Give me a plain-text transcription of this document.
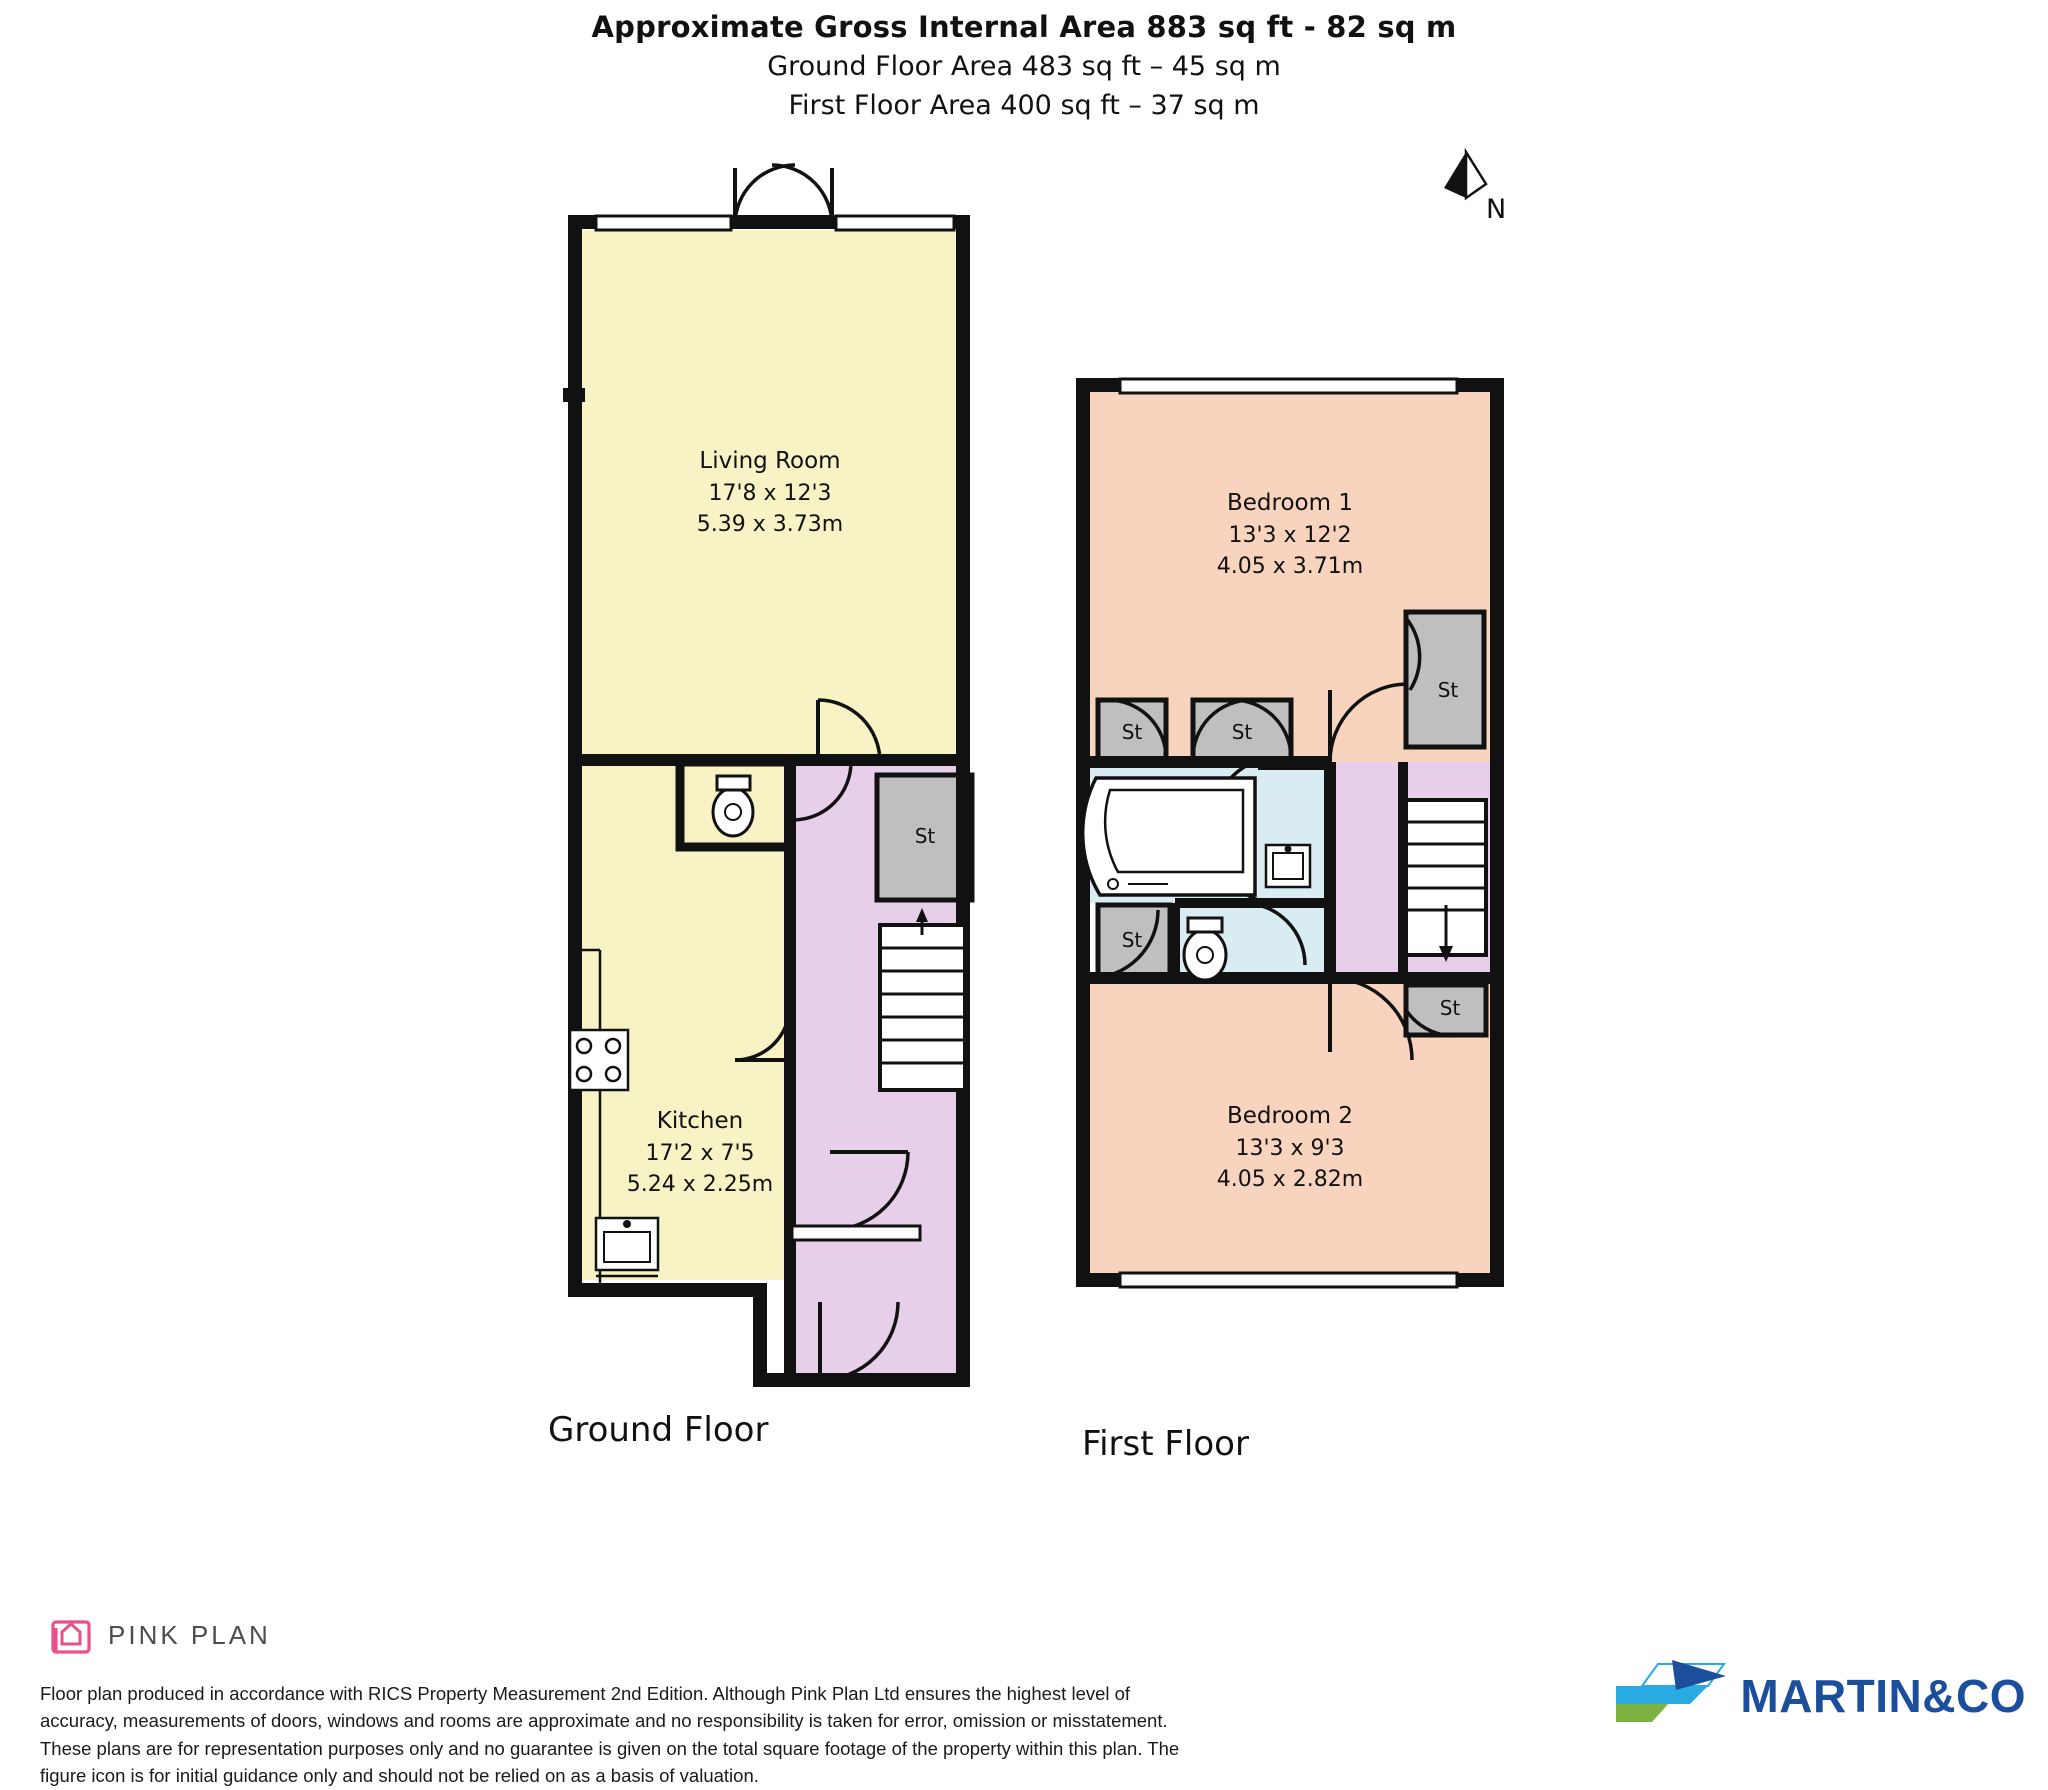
Approximate Gross Internal Area 883 sq ft - 82 sq m
Ground Floor Area 483 sq ft – 45 sq m
First Floor Area 400 sq ft – 37 sq m
N
Living Room
17'8 x 12'3
5.39 x 3.73m
Kitchen
17'2 x 7'5
5.24 x 2.25m
Bedroom 1
13'3 x 12'2
4.05 x 3.71m
Bedroom 2
13'3 x 9'3
4.05 x 2.82m
St
St	St
St
St
St
Ground Floor	First Floor
PINK PLAN
Floor plan produced in accordance with RICS Property Measurement 2nd Edition. Although Pink Plan Ltd ensures the highest level of accuracy, measurements of doors, windows and rooms are approximate and no responsibility is taken for error, omission or misstatement. These plans are for representation purposes only and no guarantee is given on the total square footage of the property within this plan. The figure icon is for initial guidance only and should not be relied on as a basis of valuation.
MARTIN&CO
